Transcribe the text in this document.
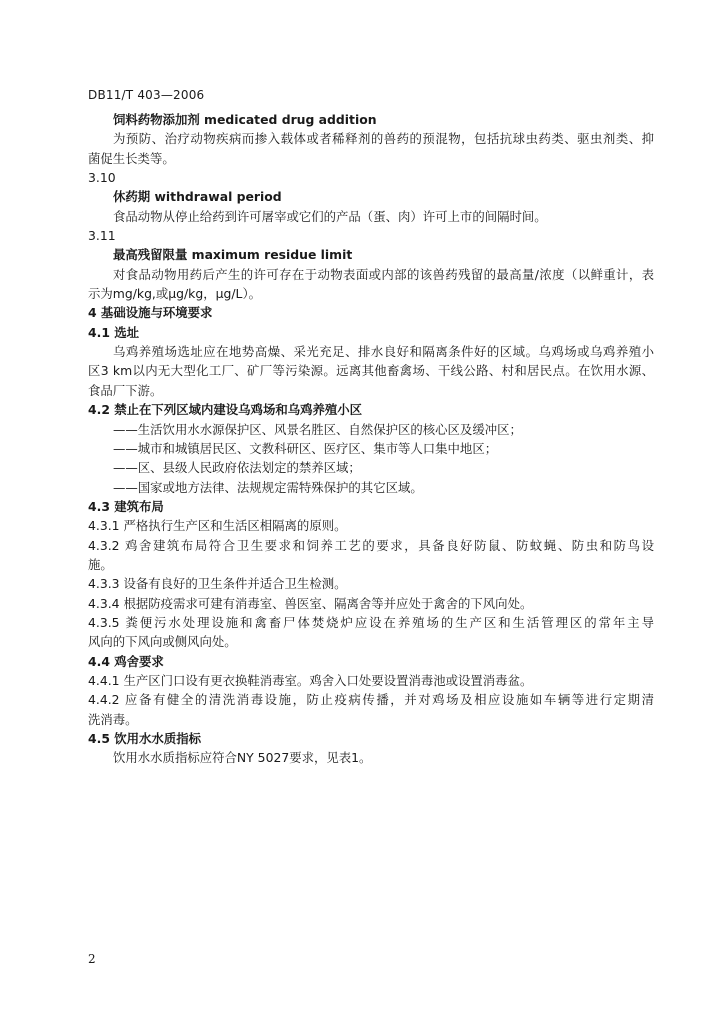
DB11/T 403—2006
饲料药物添加剂 medicated drug addition
为预防、治疗动物疾病而掺入载体或者稀释剂的兽药的预混物，包括抗球虫药类、驱虫剂类、抑
菌促生长类等。
3.10
休药期 withdrawal period
食品动物从停止给药到许可屠宰或它们的产品（蛋、肉）许可上市的间隔时间。
3.11
最高残留限量 maximum residue limit
对食品动物用药后产生的许可存在于动物表面或内部的该兽药残留的最高量/浓度（以鲜重计，表
示为mg/kg,或μg/kg，μg/L）。
4 基础设施与环境要求
4.1 选址
乌鸡养殖场选址应在地势高燥、采光充足、排水良好和隔离条件好的区域。乌鸡场或乌鸡养殖小
区3 km以内无大型化工厂、矿厂等污染源。远离其他畜禽场、干线公路、村和居民点。在饮用水源、
食品厂下游。
4.2 禁止在下列区域内建设乌鸡场和乌鸡养殖小区
——生活饮用水水源保护区、风景名胜区、自然保护区的核心区及缓冲区；
——城市和城镇居民区、文教科研区、医疗区、集市等人口集中地区；
——区、县级人民政府依法划定的禁养区域；
——国家或地方法律、法规规定需特殊保护的其它区域。
4.3 建筑布局
4.3.1 严格执行生产区和生活区相隔离的原则。
4.3.2 鸡舍建筑布局符合卫生要求和饲养工艺的要求，具备良好防鼠、防蚊蝇、防虫和防鸟设
施。
4.3.3 设备有良好的卫生条件并适合卫生检测。
4.3.4 根据防疫需求可建有消毒室、兽医室、隔离舍等并应处于禽舍的下风向处。
4.3.5 粪便污水处理设施和禽畜尸体焚烧炉应设在养殖场的生产区和生活管理区的常年主导
风向的下风向或侧风向处。
4.4 鸡舍要求
4.4.1 生产区门口设有更衣换鞋消毒室。鸡舍入口处要设置消毒池或设置消毒盆。
4.4.2 应备有健全的清洗消毒设施，防止疫病传播，并对鸡场及相应设施如车辆等进行定期清
洗消毒。
4.5 饮用水水质指标
饮用水水质指标应符合NY 5027要求，见表1。
2
